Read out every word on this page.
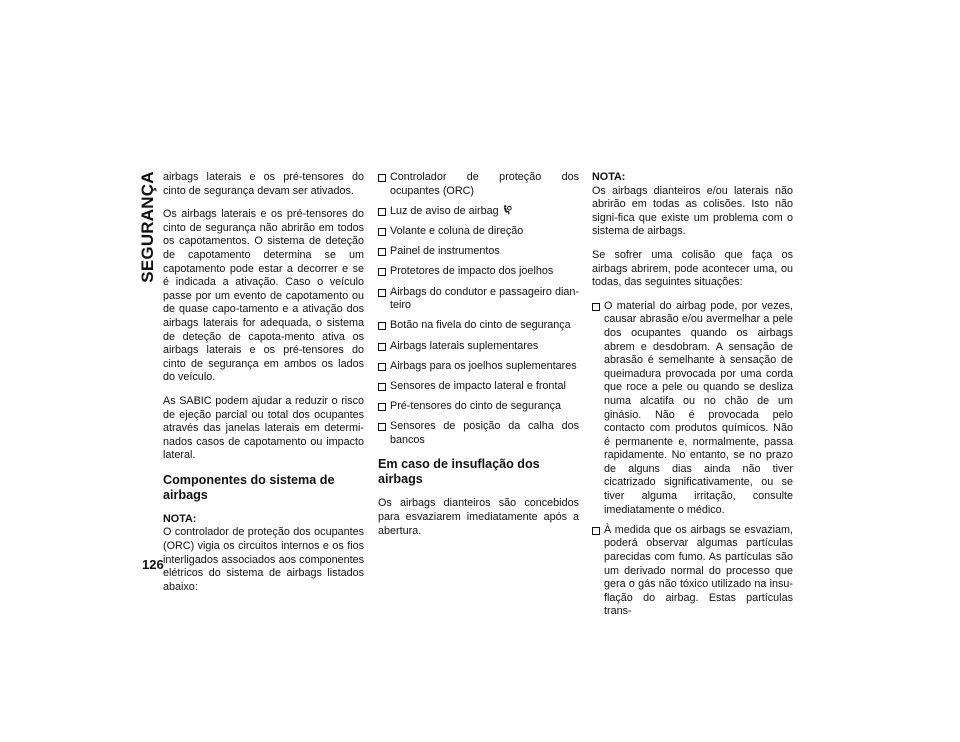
SEGURANÇA
126

airbags laterais e os pré-tensores do cinto de segurança devam ser ativados.

Os airbags laterais e os pré-tensores do cinto de segurança não abrirão em todos os capotamentos. O sistema de deteção de capotamento determina se um capotamento pode estar a decorrer e se é indicada a ativação. Caso o veículo passe por um evento de capotamento ou de quase capo-tamento e a ativação dos airbags laterais for adequada, o sistema de deteção de capota-mento ativa os airbags laterais e os pré-tensores do cinto de segurança em ambos os lados do veículo.

As SABIC podem ajudar a reduzir o risco de ejeção parcial ou total dos ocupantes através das janelas laterais em determi-nados casos de capotamento ou impacto lateral.

Componentes do sistema de airbags

NOTA:
O controlador de proteção dos ocupantes (ORC) vigia os circuitos internos e os fios interligados associados aos componentes elétricos do sistema de airbags listados abaixo:

Controlador de proteção dos ocupantes (ORC)
Luz de aviso de airbag
Volante e coluna de direção
Painel de instrumentos
Protetores de impacto dos joelhos
Airbags do condutor e passageiro dian-teiro
Botão na fivela do cinto de segurança
Airbags laterais suplementares
Airbags para os joelhos suplementares
Sensores de impacto lateral e frontal
Pré-tensores do cinto de segurança
Sensores de posição da calha dos bancos
Em caso de insuflação dos airbags

Os airbags dianteiros são concebidos para esvaziarem imediatamente após a abertura.

NOTA:
Os airbags dianteiros e/ou laterais não abrirão em todas as colisões. Isto não signi-fica que existe um problema com o sistema de airbags.

Se sofrer uma colisão que faça os airbags abrirem, pode acontecer uma, ou todas, das seguintes situações:

O material do airbag pode, por vezes, causar abrasão e/ou avermelhar a pele dos ocupantes quando os airbags abrem e desdobram. A sensação de abrasão é semelhante à sensação de queimadura provocada por uma corda que roce a pele ou quando se desliza numa alcatifa ou no chão de um ginásio. Não é provocada pelo contacto com produtos químicos. Não é permanente e, normalmente, passa rapidamente. No entanto, se no prazo de alguns dias ainda não tiver cicatrizado significativamente, ou se tiver alguma irritação, consulte imediatamente o médico.
À medida que os airbags se esvaziam, poderá observar algumas partículas parecidas com fumo. As partículas são um derivado normal do processo que gera o gás não tóxico utilizado na insu-flação do airbag. Estas partículas trans-
